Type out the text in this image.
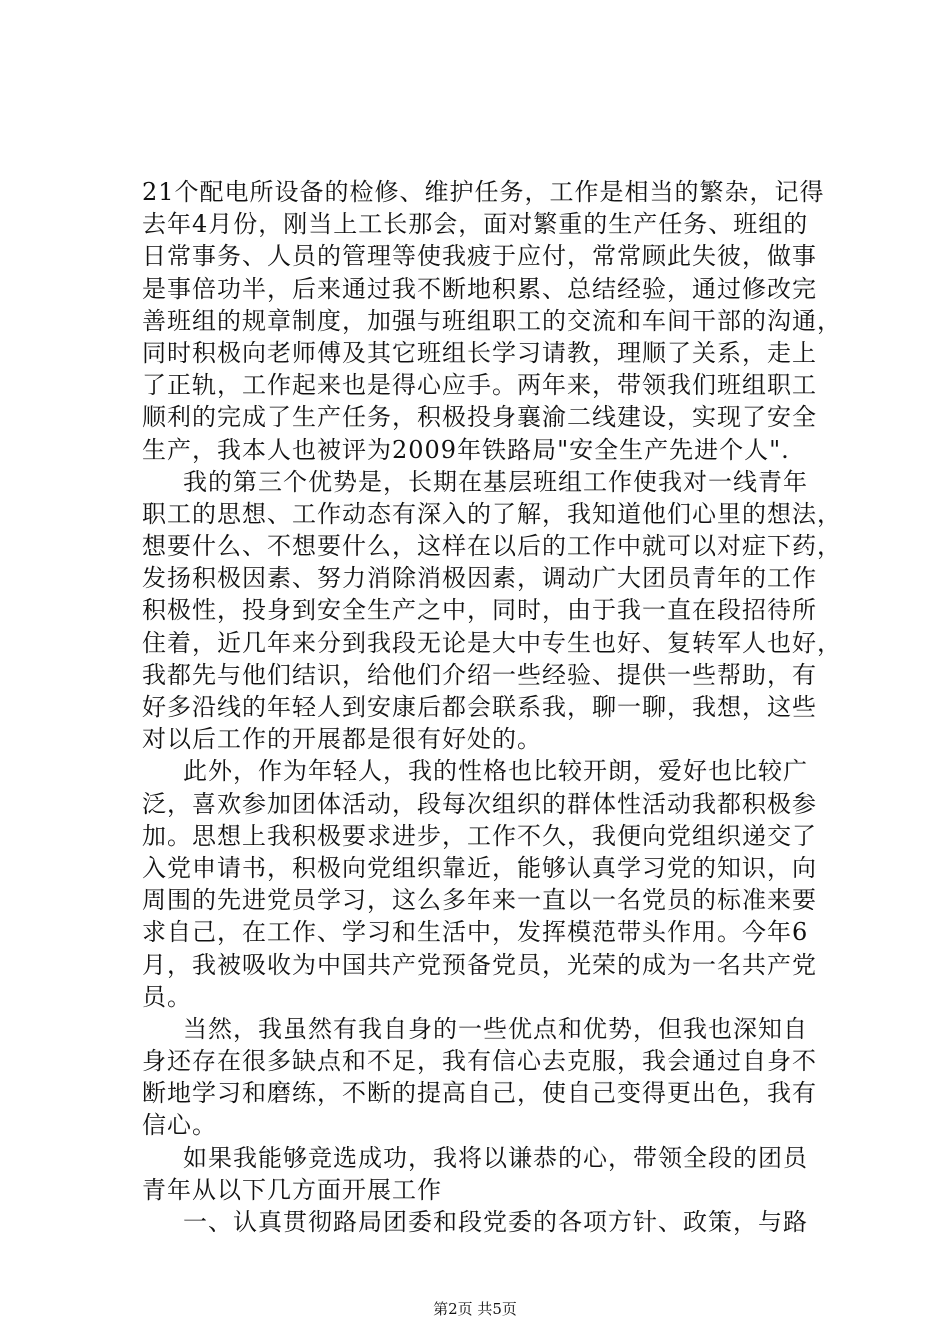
21个配电所设备的检修、维护任务，工作是相当的繁杂，记得
去年4月份，刚当上工长那会，面对繁重的生产任务、班组的
日常事务、人员的管理等使我疲于应付，常常顾此失彼，做事
是事倍功半，后来通过我不断地积累、总结经验，通过修改完
善班组的规章制度，加强与班组职工的交流和车间干部的沟通，
同时积极向老师傅及其它班组长学习请教，理顺了关系，走上
了正轨，工作起来也是得心应手。两年来，带领我们班组职工
顺利的完成了生产任务，积极投身襄渝二线建设，实现了安全
生产，我本人也被评为2009年铁路局"安全生产先进个人".
我的第三个优势是，长期在基层班组工作使我对一线青年
职工的思想、工作动态有深入的了解，我知道他们心里的想法，
想要什么、不想要什么，这样在以后的工作中就可以对症下药，
发扬积极因素、努力消除消极因素，调动广大团员青年的工作
积极性，投身到安全生产之中，同时，由于我一直在段招待所
住着，近几年来分到我段无论是大中专生也好、复转军人也好，
我都先与他们结识，给他们介绍一些经验、提供一些帮助，有
好多沿线的年轻人到安康后都会联系我，聊一聊，我想，这些
对以后工作的开展都是很有好处的。
此外，作为年轻人，我的性格也比较开朗，爱好也比较广
泛，喜欢参加团体活动，段每次组织的群体性活动我都积极参
加。思想上我积极要求进步，工作不久，我便向党组织递交了
入党申请书，积极向党组织靠近，能够认真学习党的知识，向
周围的先进党员学习，这么多年来一直以一名党员的标准来要
求自己，在工作、学习和生活中，发挥模范带头作用。今年6
月，我被吸收为中国共产党预备党员，光荣的成为一名共产党
员。
当然，我虽然有我自身的一些优点和优势，但我也深知自
身还存在很多缺点和不足，我有信心去克服，我会通过自身不
断地学习和磨练，不断的提高自己，使自己变得更出色，我有
信心。
如果我能够竞选成功，我将以谦恭的心，带领全段的团员
青年从以下几方面开展工作
一、认真贯彻路局团委和段党委的各项方针、政策，与路
第2页 共5页
